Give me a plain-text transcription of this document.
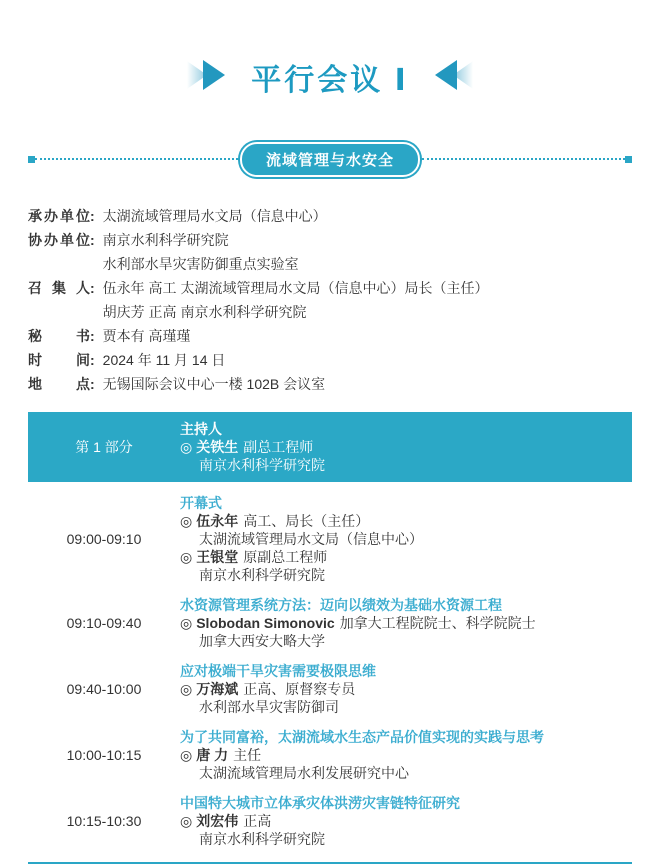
平行会议 Ⅰ
流域管理与水安全
承办单位 : 太湖流域管理局水文局（信息中心）
协办单位 : 南京水利科学研究院
水利部水旱灾害防御重点实验室
召集人 : 伍永年 高工 太湖流域管理局水文局（信息中心）局长（主任）
胡庆芳 正高 南京水利科学研究院
秘书 : 贾本有 高瑾瑾
时间 : 2024 年 11 月 14 日
地点 : 无锡国际会议中心一楼 102B 会议室
第 1 部分
主持人
◎ 关铁生 副总工程师
南京水利科学研究院
09:00-09:10
开幕式
◎ 伍永年 高工、局长（主任）
太湖流域管理局水文局（信息中心）
◎ 王银堂 原副总工程师
南京水利科学研究院
09:10-09:40
水资源管理系统方法：迈向以绩效为基础水资源工程
◎ Slobodan Simonovic 加拿大工程院院士、科学院院士
加拿大西安大略大学
09:40-10:00
应对极端干旱灾害需要极限思维
◎ 万海斌 正高、原督察专员
水利部水旱灾害防御司
10:00-10:15
为了共同富裕，太湖流域水生态产品价值实现的实践与思考
◎ 唐 力 主任
太湖流域管理局水利发展研究中心
10:15-10:30
中国特大城市立体承灾体洪涝灾害链特征研究
◎ 刘宏伟 正高
南京水利科学研究院
